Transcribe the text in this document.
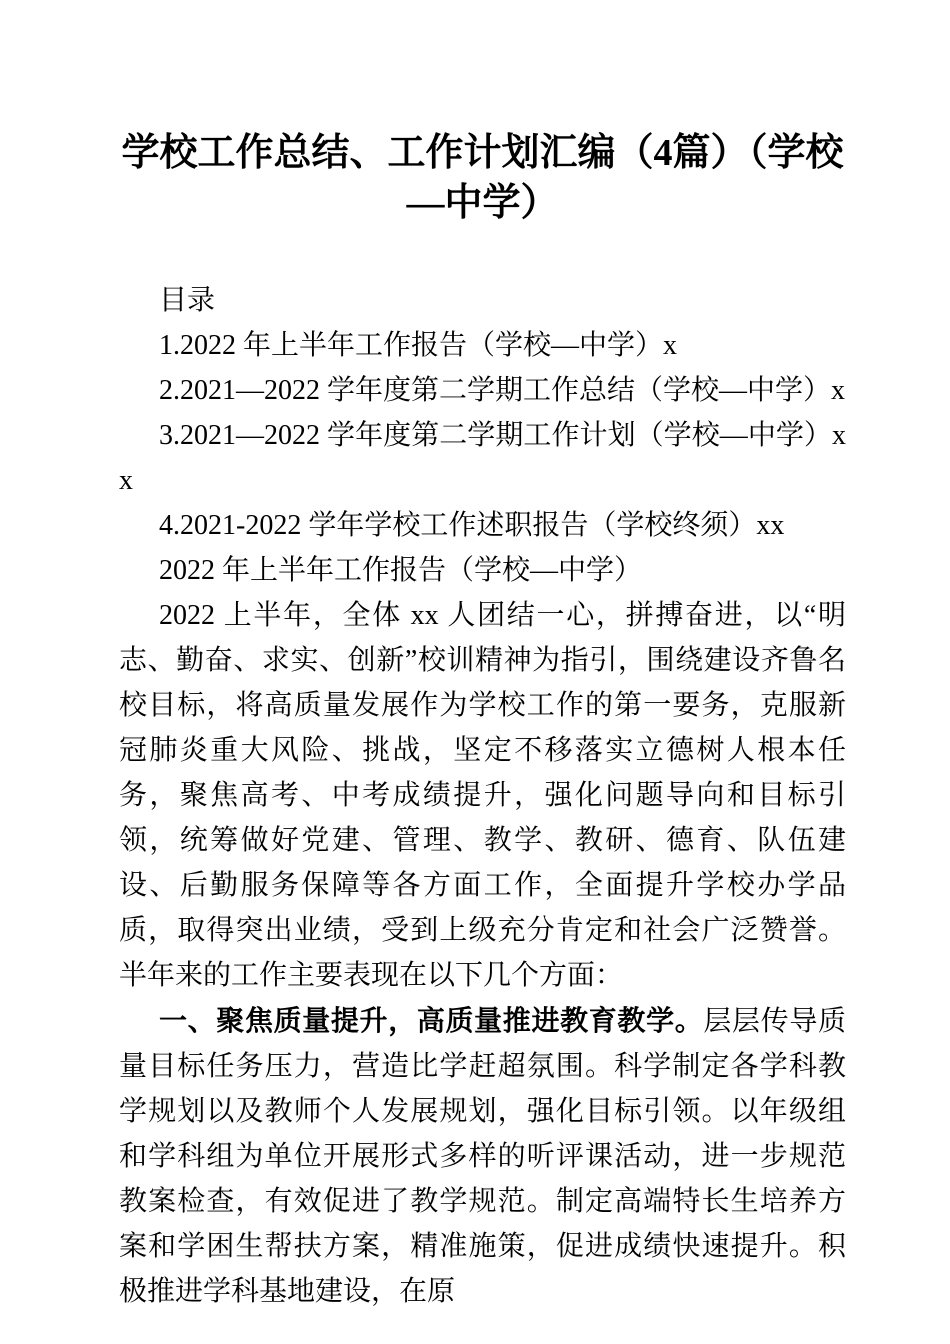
学校工作总结、工作计划汇编（4篇）（学校
—中学）

目录

1.2022 年上半年工作报告（学校—中学）x

2.2021—2022 学年度第二学期工作总结（学校—中学）x

3.2021—2022 学年度第二学期工作计划（学校—中学）xx

4.2021-2022 学年学校工作述职报告（学校终须）xx

2022 年上半年工作报告（学校—中学）

2022 上半年，全体 xx 人团结一心，拼搏奋进，以“明志、勤奋、求实、创新”校训精神为指引，围绕建设齐鲁名校目标，将高质量发展作为学校工作的第一要务，克服新冠肺炎重大风险、挑战，坚定不移落实立德树人根本任务，聚焦高考、中考成绩提升，强化问题导向和目标引领，统筹做好党建、管理、教学、教研、德育、队伍建设、后勤服务保障等各方面工作，全面提升学校办学品质，取得突出业绩，受到上级充分肯定和社会广泛赞誉。半年来的工作主要表现在以下几个方面：

一、聚焦质量提升，高质量推进教育教学。层层传导质量目标任务压力，营造比学赶超氛围。科学制定各学科教学规划以及教师个人发展规划，强化目标引领。以年级组和学科组为单位开展形式多样的听评课活动，进一步规范教案检查，有效促进了教学规范。制定高端特长生培养方案和学困生帮扶方案，精准施策，促进成绩快速提升。积极推进学科基地建设，在原
